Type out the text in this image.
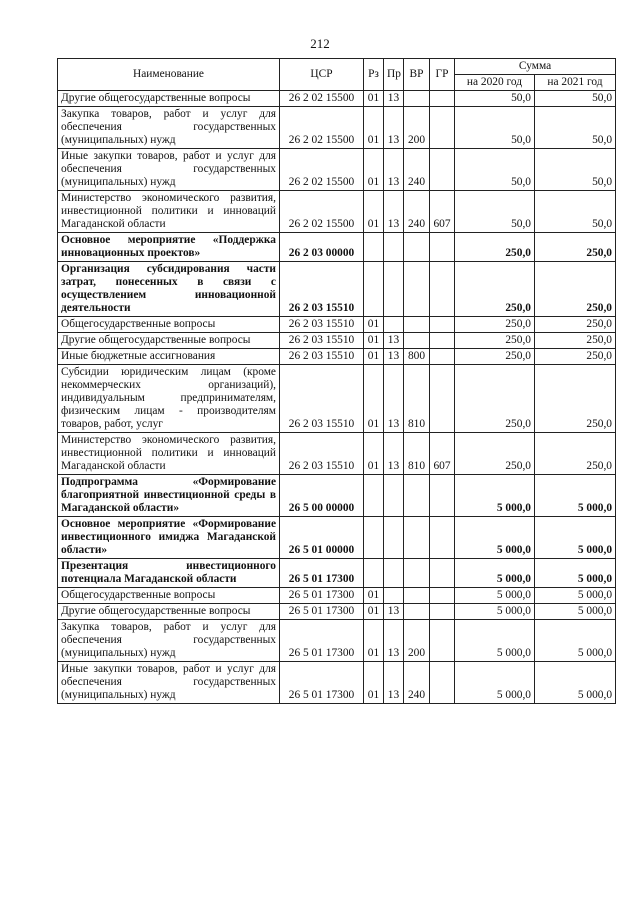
212
Наименование	ЦСР	Рз	Пр	ВР	ГР	Сумма	
						на 2020 год	на 2021 год
Другие общегосударственные вопросы	26 2 02 15500	01	13			50,0	50,0
Закупка товаров, работ и услуг для обеспечения государственных (муниципальных) нужд	26 2 02 15500	01	13	200		50,0	50,0
Иные закупки товаров, работ и услуг для обеспечения государственных (муниципальных) нужд	26 2 02 15500	01	13	240		50,0	50,0
Министерство экономического развития, инвестиционной политики и инноваций Магаданской области	26 2 02 15500	01	13	240	607	50,0	50,0
Основное мероприятие «Поддержка инновационных проектов»	26 2 03 00000					250,0	250,0
Организация субсидирования части затрат, понесенных в связи с осуществлением инновационной деятельности	26 2 03 15510					250,0	250,0
Общегосударственные вопросы	26 2 03 15510	01				250,0	250,0
Другие общегосударственные вопросы	26 2 03 15510	01	13			250,0	250,0
Иные бюджетные ассигнования	26 2 03 15510	01	13	800		250,0	250,0
Субсидии юридическим лицам (кроме некоммерческих организаций), индивидуальным предпринимателям, физическим лицам - производителям товаров, работ, услуг	26 2 03 15510	01	13	810		250,0	250,0
Министерство экономического развития, инвестиционной политики и инноваций Магаданской области	26 2 03 15510	01	13	810	607	250,0	250,0
Подпрограмма «Формирование благоприятной инвестиционной среды в Магаданской области»	26 5 00 00000					5 000,0	5 000,0
Основное мероприятие «Формирование инвестиционного имиджа Магаданской области»	26 5 01 00000					5 000,0	5 000,0
Презентация инвестиционного потенциала Магаданской области	26 5 01 17300					5 000,0	5 000,0
Общегосударственные вопросы	26 5 01 17300	01				5 000,0	5 000,0
Другие общегосударственные вопросы	26 5 01 17300	01	13			5 000,0	5 000,0
Закупка товаров, работ и услуг для обеспечения государственных (муниципальных) нужд	26 5 01 17300	01	13	200		5 000,0	5 000,0
Иные закупки товаров, работ и услуг для обеспечения государственных (муниципальных) нужд	26 5 01 17300	01	13	240		5 000,0	5 000,0
